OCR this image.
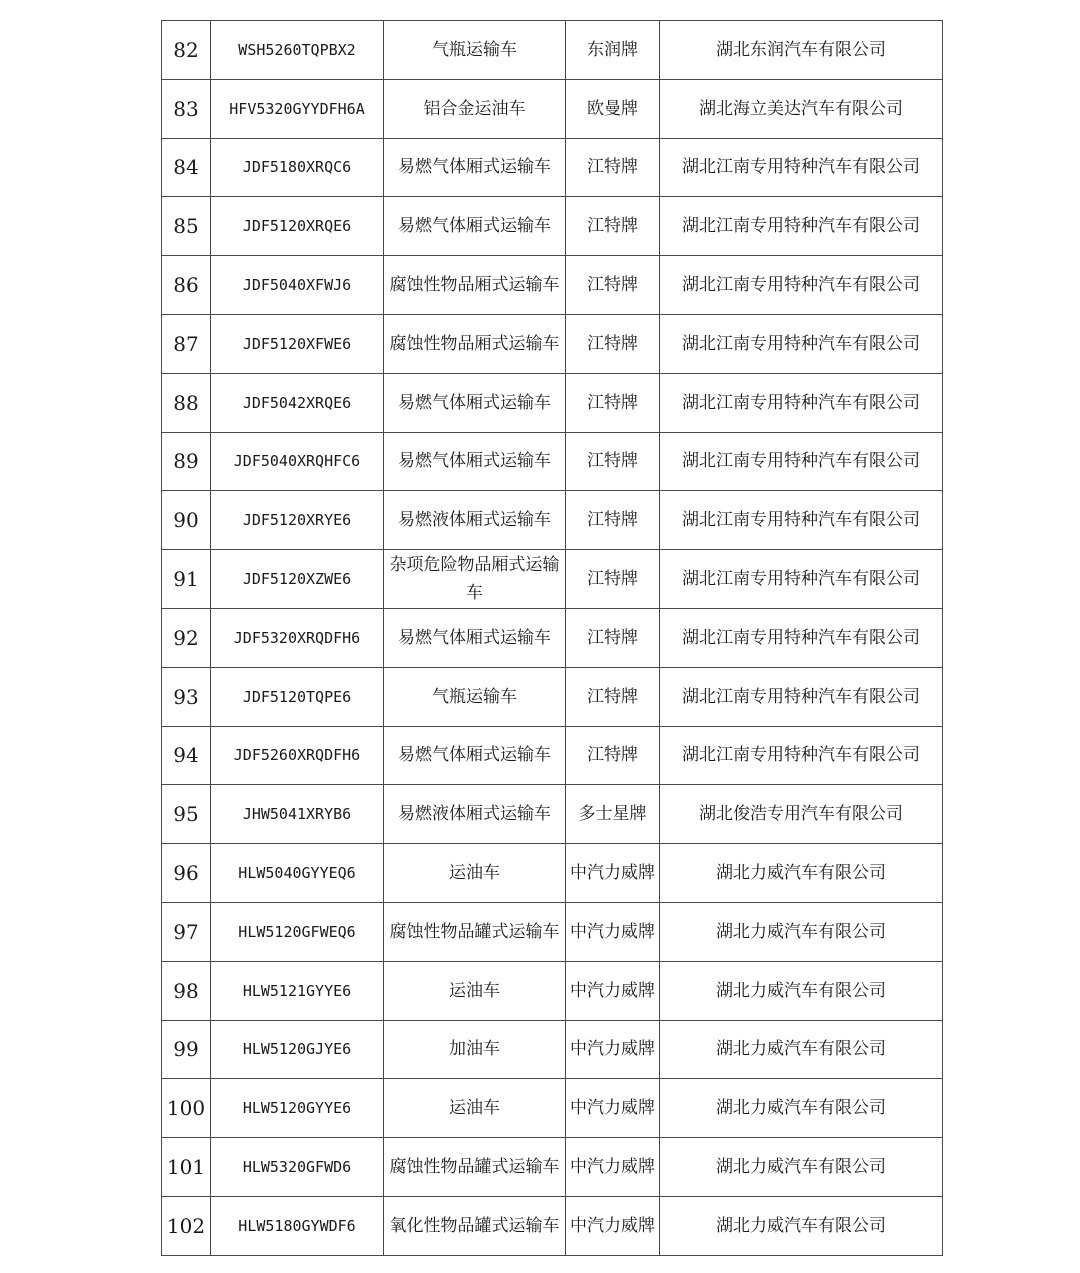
82	WSH5260TQPBX2	气瓶运输车	东润牌	湖北东润汽车有限公司
83	HFV5320GYYDFH6A	铝合金运油车	欧曼牌	湖北海立美达汽车有限公司
84	JDF5180XRQC6	易燃气体厢式运输车	江特牌	湖北江南专用特种汽车有限公司
85	JDF5120XRQE6	易燃气体厢式运输车	江特牌	湖北江南专用特种汽车有限公司
86	JDF5040XFWJ6	腐蚀性物品厢式运输车	江特牌	湖北江南专用特种汽车有限公司
87	JDF5120XFWE6	腐蚀性物品厢式运输车	江特牌	湖北江南专用特种汽车有限公司
88	JDF5042XRQE6	易燃气体厢式运输车	江特牌	湖北江南专用特种汽车有限公司
89	JDF5040XRQHFC6	易燃气体厢式运输车	江特牌	湖北江南专用特种汽车有限公司
90	JDF5120XRYE6	易燃液体厢式运输车	江特牌	湖北江南专用特种汽车有限公司
91	JDF5120XZWE6	杂项危险物品厢式运输车	江特牌	湖北江南专用特种汽车有限公司
92	JDF5320XRQDFH6	易燃气体厢式运输车	江特牌	湖北江南专用特种汽车有限公司
93	JDF5120TQPE6	气瓶运输车	江特牌	湖北江南专用特种汽车有限公司
94	JDF5260XRQDFH6	易燃气体厢式运输车	江特牌	湖北江南专用特种汽车有限公司
95	JHW5041XRYB6	易燃液体厢式运输车	多士星牌	湖北俊浩专用汽车有限公司
96	HLW5040GYYEQ6	运油车	中汽力威牌	湖北力威汽车有限公司
97	HLW5120GFWEQ6	腐蚀性物品罐式运输车	中汽力威牌	湖北力威汽车有限公司
98	HLW5121GYYE6	运油车	中汽力威牌	湖北力威汽车有限公司
99	HLW5120GJYE6	加油车	中汽力威牌	湖北力威汽车有限公司
100	HLW5120GYYE6	运油车	中汽力威牌	湖北力威汽车有限公司
101	HLW5320GFWD6	腐蚀性物品罐式运输车	中汽力威牌	湖北力威汽车有限公司
102	HLW5180GYWDF6	氧化性物品罐式运输车	中汽力威牌	湖北力威汽车有限公司
